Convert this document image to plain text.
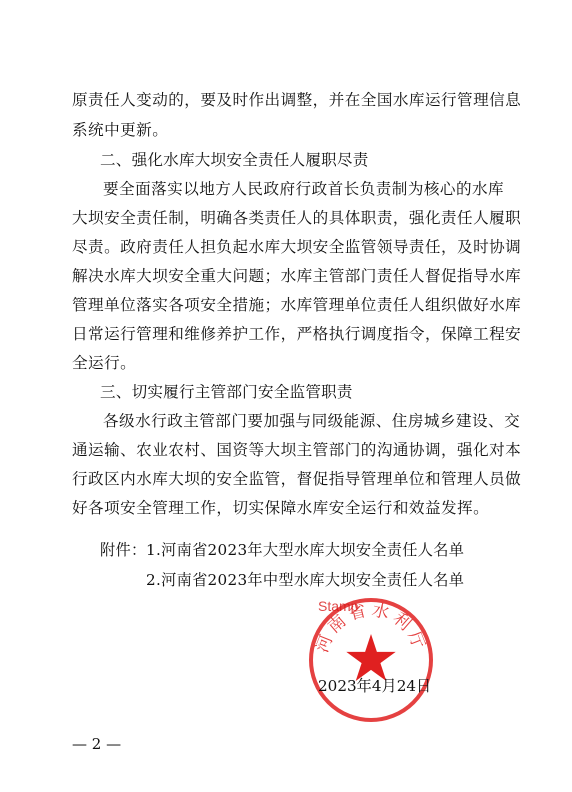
原责任人变动的，要及时作出调整，并在全国水库运行管理信息
系统中更新。
二、强化水库大坝安全责任人履职尽责
要全面落实以地方人民政府行政首长负责制为核心的水库
大坝安全责任制，明确各类责任人的具体职责，强化责任人履职
尽责。政府责任人担负起水库大坝安全监管领导责任，及时协调
解决水库大坝安全重大问题；水库主管部门责任人督促指导水库
管理单位落实各项安全措施；水库管理单位责任人组织做好水库
日常运行管理和维修养护工作，严格执行调度指令，保障工程安
全运行。
三、切实履行主管部门安全监管职责
各级水行政主管部门要加强与同级能源、住房城乡建设、交
通运输、农业农村、国资等大坝主管部门的沟通协调，强化对本
行政区内水库大坝的安全监管，督促指导管理单位和管理人员做
好各项安全管理工作，切实保障水库安全运行和效益发挥。
附件： 1.河南省2023年大型水库大坝安全责任人名单
2.河南省2023年中型水库大坝安全责任人名单
河南省水利厅
Stamp
2023年4月24日
— 2 —
